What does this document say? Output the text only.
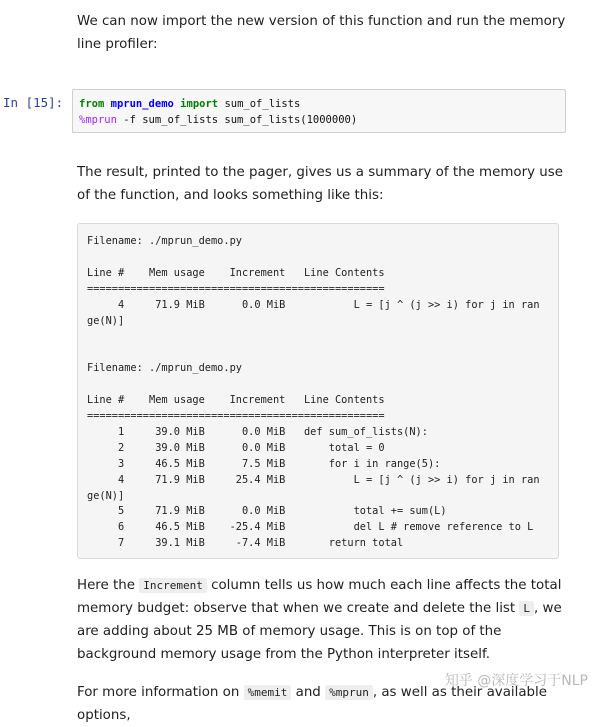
We can now import the new version of this function and run the memory line profiler:

In [15]:	from mprun_demo import sum_of_lists
%mprun -f sum_of_lists sum_of_lists(1000000)

The result, printed to the pager, gives us a summary of the memory use of the function, and looks something like this:

Filename: ./mprun_demo.py

Line #    Mem usage    Increment   Line Contents
================================================
4     71.9 MiB      0.0 MiB           L = [j ^ (j >> i) for j in ran
ge(N)]

Filename: ./mprun_demo.py

Line #    Mem usage    Increment   Line Contents
================================================
1     39.0 MiB      0.0 MiB   def sum_of_lists(N):
2     39.0 MiB      0.0 MiB       total = 0
3     46.5 MiB      7.5 MiB       for i in range(5):
4     71.9 MiB     25.4 MiB           L = [j ^ (j >> i) for j in ran
ge(N)]
5     71.9 MiB      0.0 MiB           total += sum(L)
6     46.5 MiB    -25.4 MiB           del L # remove reference to L
7     39.1 MiB     -7.4 MiB       return total

Here the Increment column tells us how much each line affects the total memory budget: observe that when we create and delete the list L , we are adding about 25 MB of memory usage. This is on top of the background memory usage from the Python interpreter itself.

For more information on %memit and %mprun , as well as their available options,

知乎 @深度学习于NLP
